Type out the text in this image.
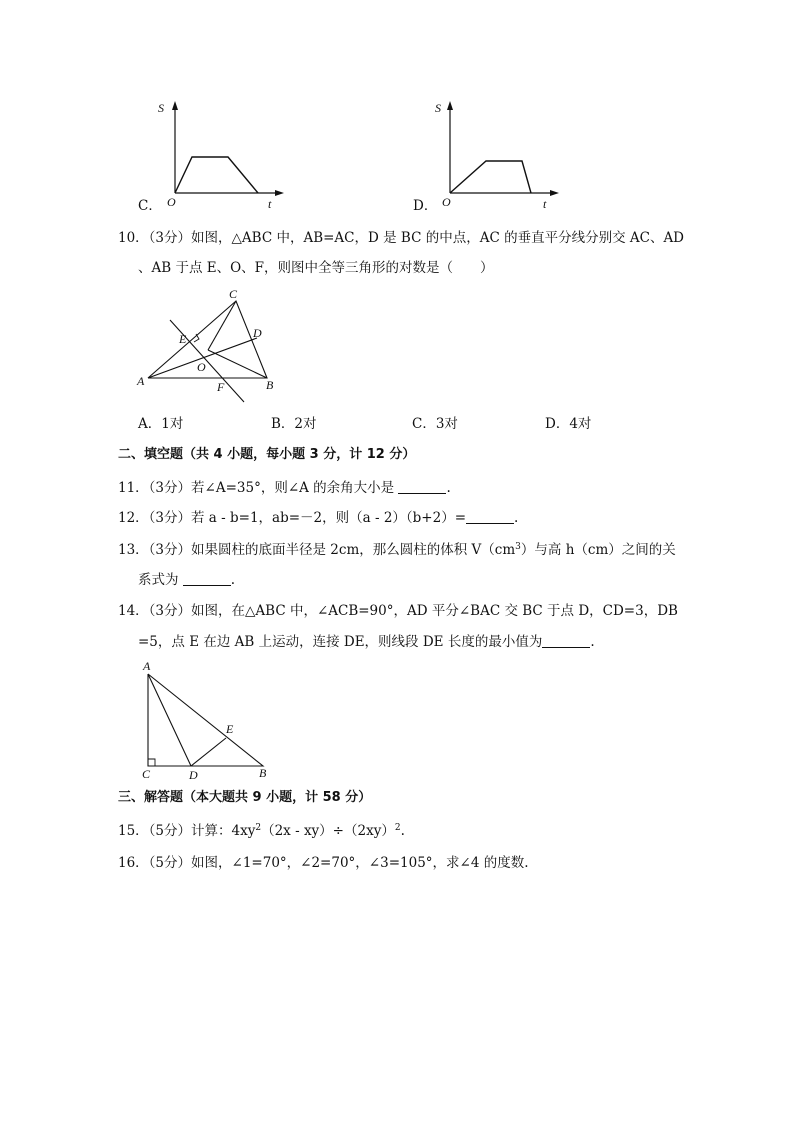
S
t
O
C．
S
t
O
D．
10．（3分）如图，△ABC 中，AB=AC，D 是 BC 的中点，AC 的垂直平分线分别交 AC、AD
、AB 于点 E、O、F，则图中全等三角形的对数是（　　）
C
D
E
O
A	F	B
A．1对	B．2对	C．3对	D．4对
二、填空题（共 4 小题，每小题 3 分，计 12 分）
11．（3分）若∠A=35°，则∠A 的余角大小是	.
12．（3分）若 a - b=1，ab=－2，则（a - 2）（b+2）=	.
13．（3分）如果圆柱的底面半径是 2cm，那么圆柱的体积 $V(cm^3)$与高 h（cm）之间的关
系式为	.
14．（3分）如图，在△ABC 中，∠ACB=90°，AD 平分∠BAC 交 BC 于点 D，CD=3，DB
=5，点 E 在边 AB 上运动，连接 DE，则线段 DE 长度的最小值为	.
A
E
C	D	B
三、解答题（本大题共 9 小题，计 58 分）
15．（5分）计算：$4xy^2(2x - xy)\div(2xy)^2$.
16．（5分）如图，∠1=70°，∠2=70°，∠3=105°，求∠4 的度数.
